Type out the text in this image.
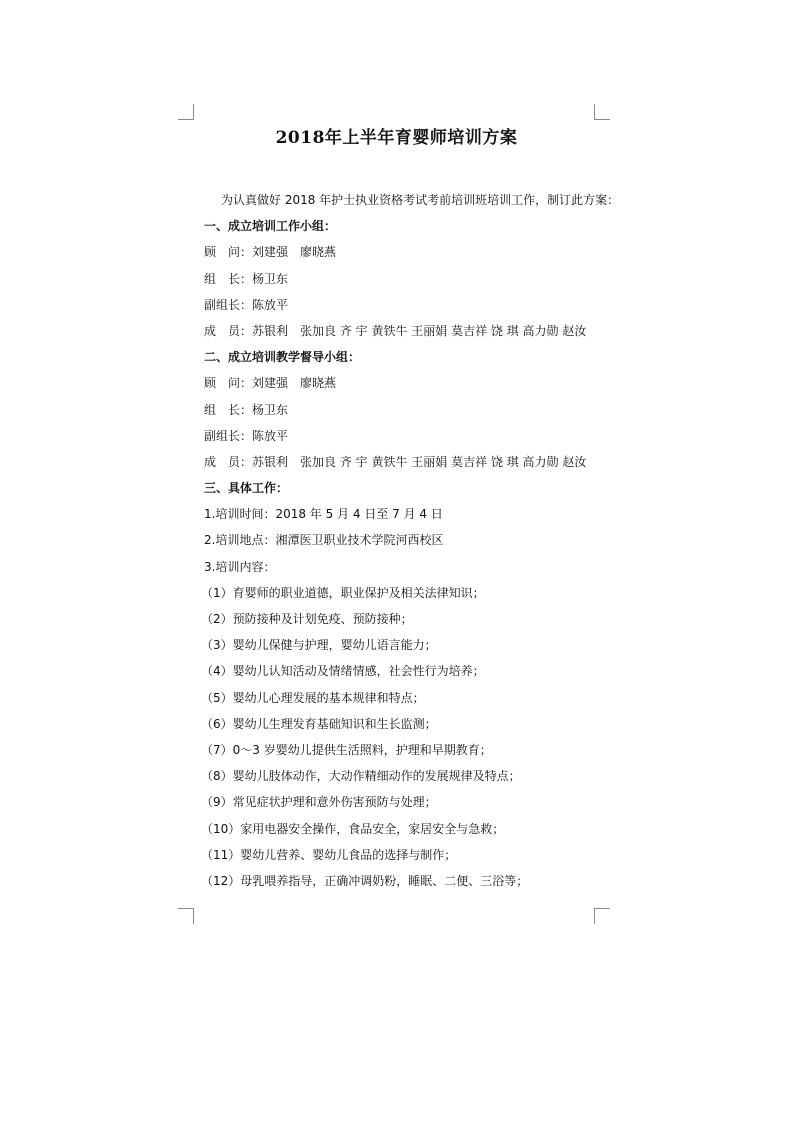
2018年上半年育婴师培训方案
为认真做好 2018 年护士执业资格考试考前培训班培训工作，制订此方案：
一、成立培训工作小组：
顾　问：刘建强　廖晓燕
组　长：杨卫东
副组长：陈放平
成　员：苏银利　张加良 齐 宇 黄铁牛 王丽娟 莫吉祥 饶 琪 高力勋 赵汝
二、成立培训教学督导小组：
顾　问：刘建强　廖晓燕
组　长：杨卫东
副组长：陈放平
成　员：苏银利　张加良 齐 宇 黄铁牛 王丽娟 莫吉祥 饶 琪 高力勋 赵汝
三、具体工作：
1.培训时间：2018 年 5 月 4 日至 7 月 4 日
2.培训地点：湘潭医卫职业技术学院河西校区
3.培训内容：
（1）育婴师的职业道德，职业保护及相关法律知识；
（2）预防接种及计划免疫、预防接种；
（3）婴幼儿保健与护理，婴幼儿语言能力；
（4）婴幼儿认知活动及情绪情感，社会性行为培养；
（5）婴幼儿心理发展的基本规律和特点；
（6）婴幼儿生理发育基础知识和生长监测；
（7）0～3 岁婴幼儿提供生活照料，护理和早期教育；
（8）婴幼儿肢体动作，大动作精细动作的发展规律及特点；
（9）常见症状护理和意外伤害预防与处理；
（10）家用电器安全操作，食品安全，家居安全与急救；
（11）婴幼儿营养、婴幼儿食品的选择与制作；
（12）母乳喂养指导，正确冲调奶粉，睡眠、二便、三浴等；
